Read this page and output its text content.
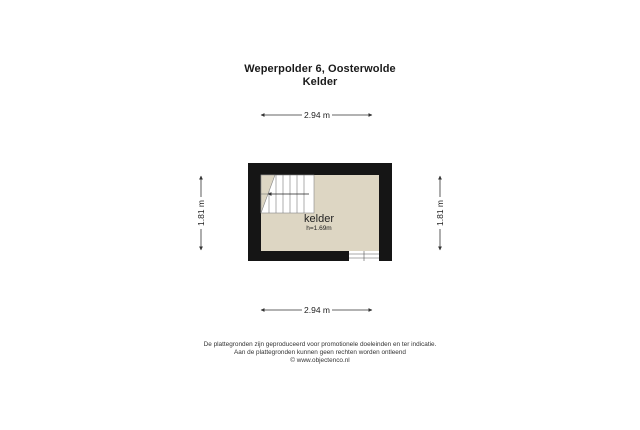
Weperpolder 6, Oosterwolde
Kelder
2.94 m
2.94 m
1.81 m	1.81 m
kelder
h=1.69m
De plattegronden zijn geproduceerd voor promotionele doeleinden en ter indicatie.
Aan de plattegronden kunnen geen rechten worden ontleend
© www.objectenco.nl
